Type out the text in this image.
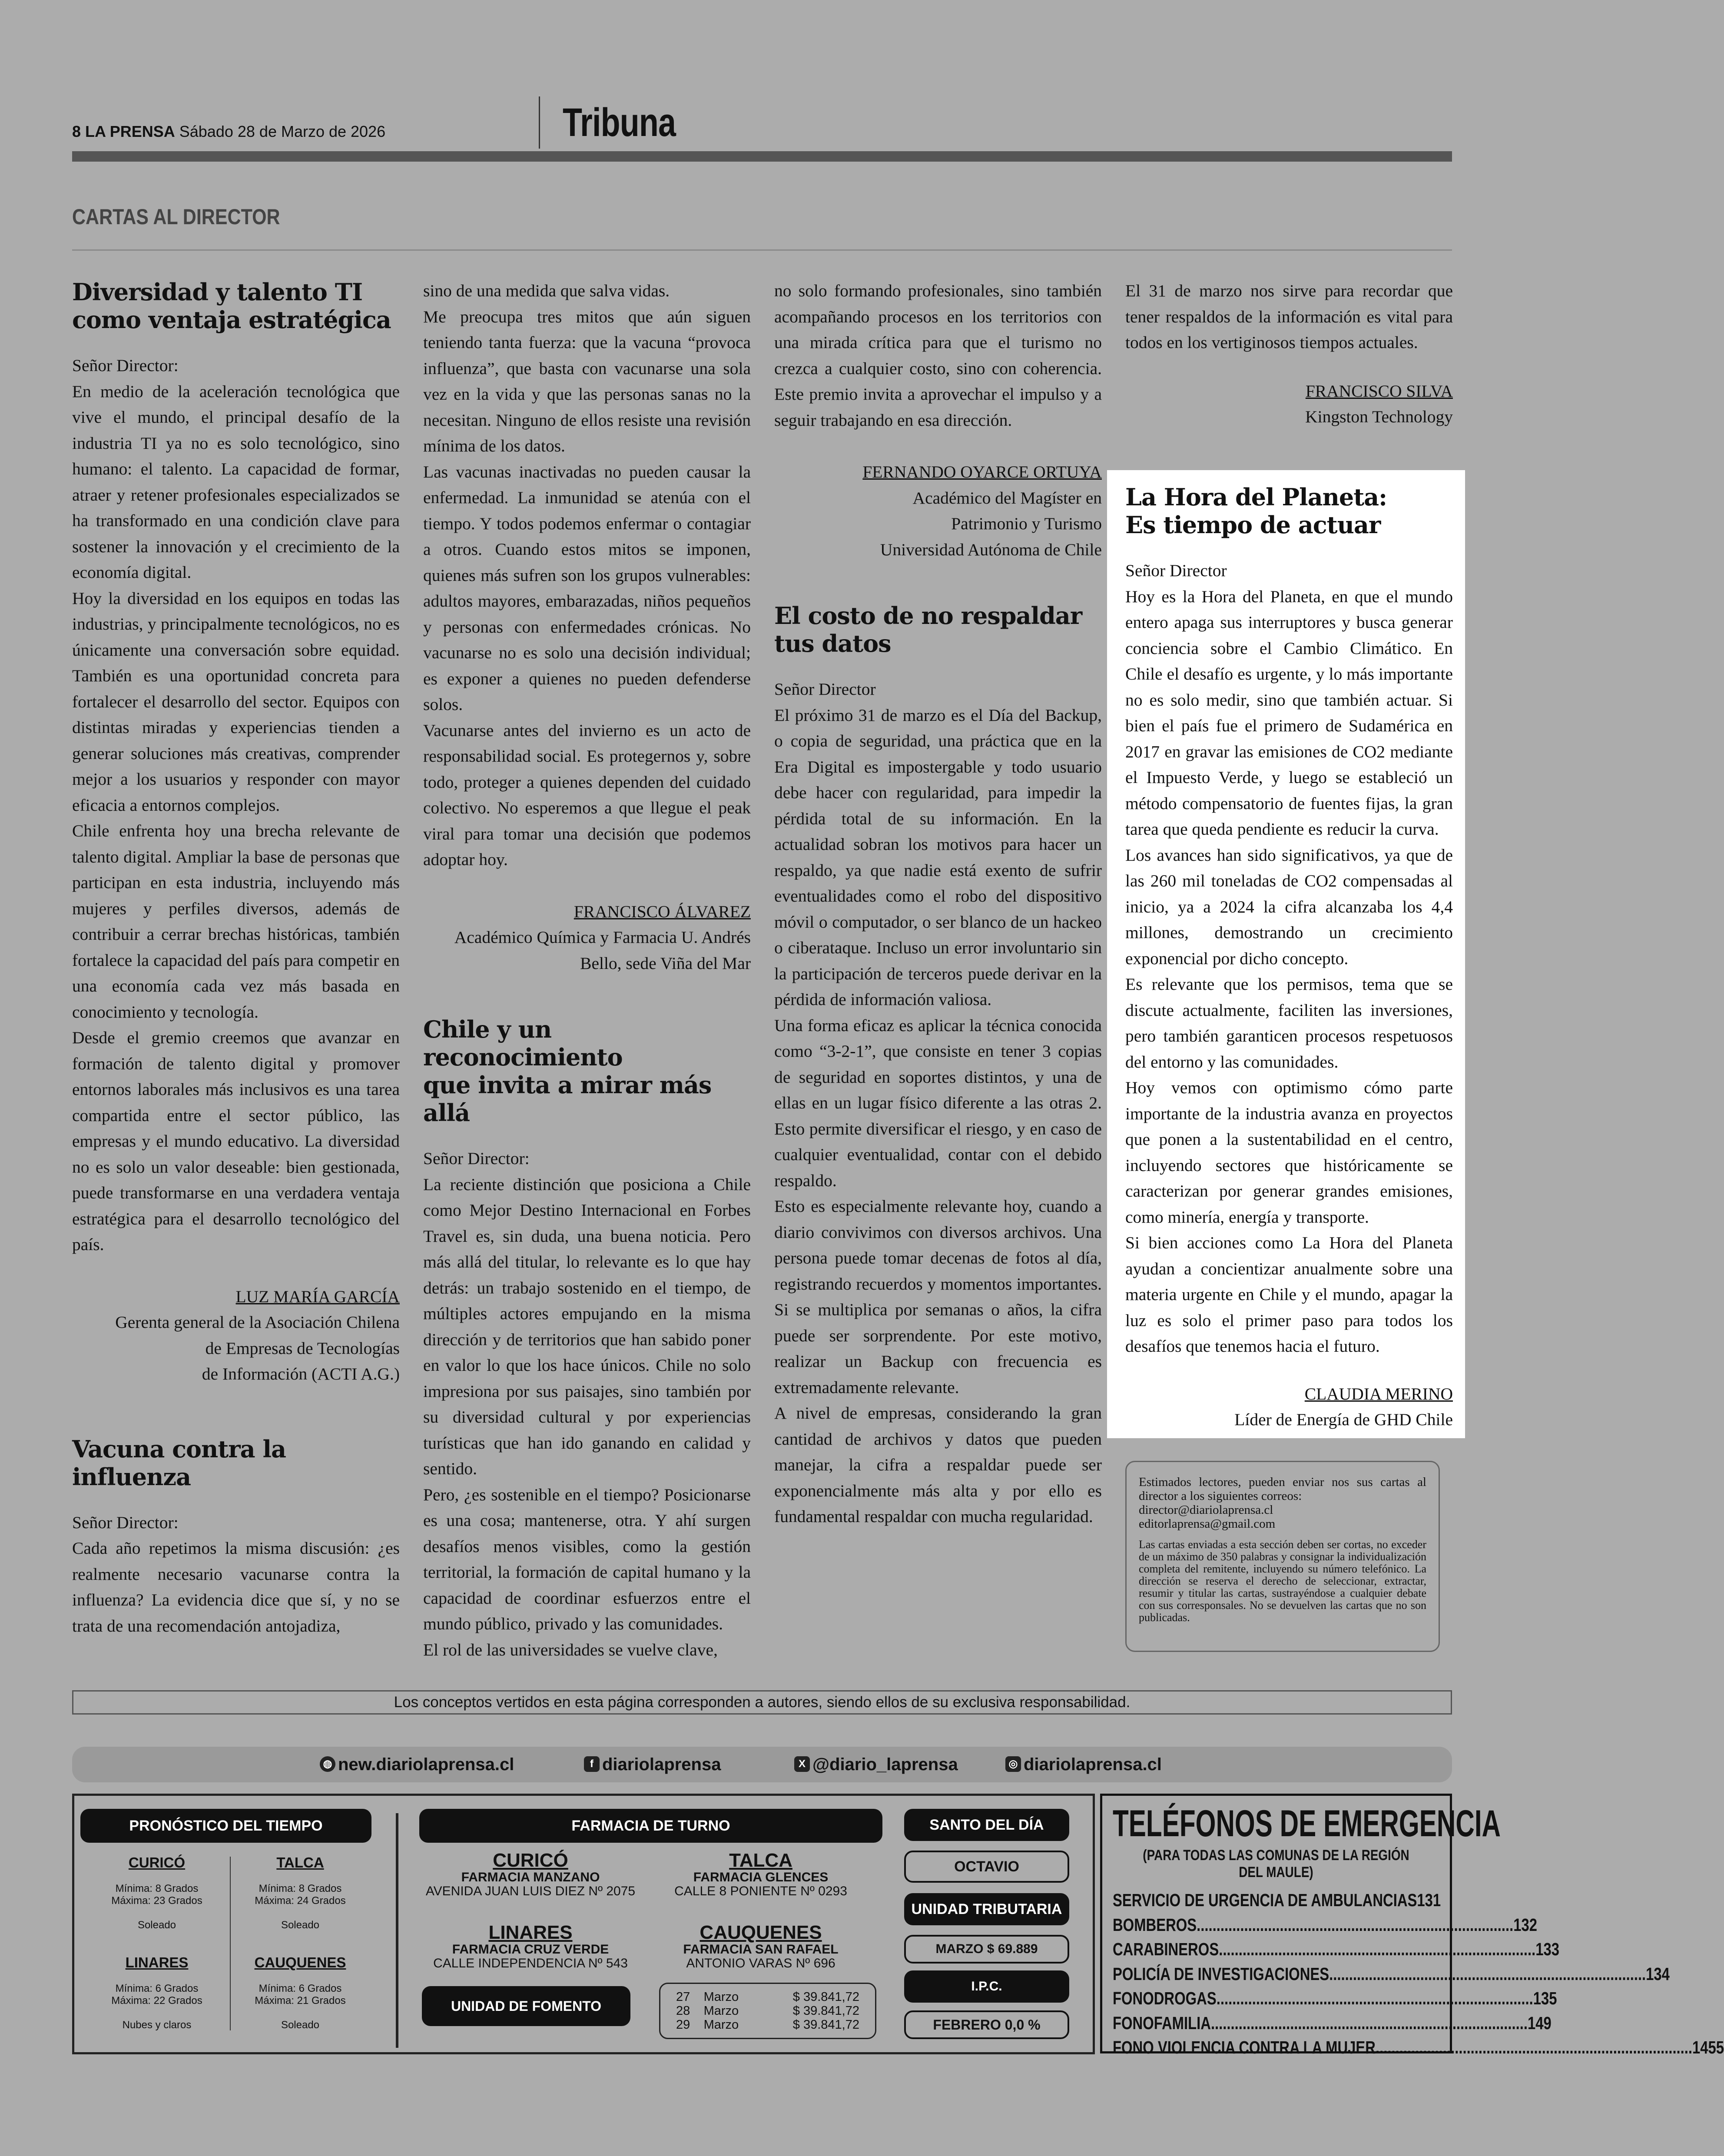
8 LA PRENSA Sábado 28 de Marzo de 2026	Tribuna
CARTAS AL DIRECTOR
Diversidad y talento TI
como ventaja estratégica

Señor Director:

En medio de la aceleración tecnológica que vive el mundo, el principal desafío de la industria TI ya no es solo tecnológico, sino humano: el talento. La capacidad de formar, atraer y retener profesionales especializados se ha transformado en una condición clave para sostener la innovación y el crecimiento de la economía digital.

Hoy la diversidad en los equipos en todas las industrias, y principalmente tecnológicos, no es únicamente una conversación sobre equidad. También es una oportunidad concreta para fortalecer el desarrollo del sector. Equipos con distintas miradas y experiencias tienden a generar soluciones más creativas, comprender mejor a los usuarios y responder con mayor eficacia a entornos complejos.

Chile enfrenta hoy una brecha relevante de talento digital. Ampliar la base de personas que participan en esta industria, incluyendo más mujeres y perfiles diversos, además de contribuir a cerrar brechas históricas, también fortalece la capacidad del país para competir en una economía cada vez más basada en conocimiento y tecnología.

Desde el gremio creemos que avanzar en formación de talento digital y promover entornos laborales más inclusivos es una tarea compartida entre el sector público, las empresas y el mundo educativo. La diversidad no es solo un valor deseable: bien gestionada, puede transformarse en una verdadera ventaja estratégica para el desarrollo tecnológico del país.

LUZ MARÍA GARCÍA
Gerenta general de la Asociación Chilena
de Empresas de Tecnologías
de Información (ACTI A.G.)
Vacuna contra la influenza

Señor Director:

Cada año repetimos la misma discusión: ¿es realmente necesario vacunarse contra la influenza? La evidencia dice que sí, y no se trata de una recomendación antojadiza,

sino de una medida que salva vidas.

Me preocupa tres mitos que aún siguen teniendo tanta fuerza: que la vacuna “provoca influenza”, que basta con vacunarse una sola vez en la vida y que las personas sanas no la necesitan. Ninguno de ellos resiste una revisión mínima de los datos.

Las vacunas inactivadas no pueden causar la enfermedad. La inmunidad se atenúa con el tiempo. Y todos podemos enfermar o contagiar a otros. Cuando estos mitos se imponen, quienes más sufren son los grupos vulnerables: adultos mayores, embarazadas, niños pequeños y personas con enfermedades crónicas. No vacunarse no es solo una decisión individual; es exponer a quienes no pueden defenderse solos.

Vacunarse antes del invierno es un acto de responsabilidad social. Es protegernos y, sobre todo, proteger a quienes dependen del cuidado colectivo. No esperemos a que llegue el peak viral para tomar una decisión que podemos adoptar hoy.

FRANCISCO ÁLVAREZ
Académico Química y Farmacia U. Andrés
Bello, sede Viña del Mar
Chile y un reconocimiento
que invita a mirar más allá

Señor Director:

La reciente distinción que posiciona a Chile como Mejor Destino Internacional en Forbes Travel es, sin duda, una buena noticia. Pero más allá del titular, lo relevante es lo que hay detrás: un trabajo sostenido en el tiempo, de múltiples actores empujando en la misma dirección y de territorios que han sabido poner en valor lo que los hace únicos. Chile no solo impresiona por sus paisajes, sino también por su diversidad cultural y por experiencias turísticas que han ido ganando en calidad y sentido.

Pero, ¿es sostenible en el tiempo? Posicionarse es una cosa; mantenerse, otra. Y ahí surgen desafíos menos visibles, como la gestión territorial, la formación de capital humano y la capacidad de coordinar esfuerzos entre el mundo público, privado y las comunidades.

El rol de las universidades se vuelve clave,

no solo formando profesionales, sino también acompañando procesos en los territorios con una mirada crítica para que el turismo no crezca a cualquier costo, sino con coherencia. Este premio invita a aprovechar el impulso y a seguir trabajando en esa dirección.

FERNANDO OYARCE ORTUYA
Académico del Magíster en
Patrimonio y Turismo
Universidad Autónoma de Chile
El costo de no respaldar
tus datos

Señor Director

El próximo 31 de marzo es el Día del Backup, o copia de seguridad, una práctica que en la Era Digital es impostergable y todo usuario debe hacer con regularidad, para impedir la pérdida total de su información. En la actualidad sobran los motivos para hacer un respaldo, ya que nadie está exento de sufrir eventualidades como el robo del dispositivo móvil o computador, o ser blanco de un hackeo o ciberataque. Incluso un error involuntario sin la participación de terceros puede derivar en la pérdida de información valiosa.

Una forma eficaz es aplicar la técnica conocida como “3-2-1”, que consiste en tener 3 copias de seguridad en soportes distintos, y una de ellas en un lugar físico diferente a las otras 2. Esto permite diversificar el riesgo, y en caso de cualquier eventualidad, contar con el debido respaldo.

Esto es especialmente relevante hoy, cuando a diario convivimos con diversos archivos. Una persona puede tomar decenas de fotos al día, registrando recuerdos y momentos importantes. Si se multiplica por semanas o años, la cifra puede ser sorprendente. Por este motivo, realizar un Backup con frecuencia es extremadamente relevante.

A nivel de empresas, considerando la gran cantidad de archivos y datos que pueden manejar, la cifra a respaldar puede ser exponencialmente más alta y por ello es fundamental respaldar con mucha regularidad.

El 31 de marzo nos sirve para recordar que tener respaldos de la información es vital para todos en los vertiginosos tiempos actuales.

FRANCISCO SILVA
Kingston Technology
La Hora del Planeta:
Es tiempo de actuar

Señor Director

Hoy es la Hora del Planeta, en que el mundo entero apaga sus interruptores y busca generar conciencia sobre el Cambio Climático. En Chile el desafío es urgente, y lo más importante no es solo medir, sino que también actuar. Si bien el país fue el primero de Sudamérica en 2017 en gravar las emisiones de CO2 mediante el Impuesto Verde, y luego se estableció un método compensatorio de fuentes fijas, la gran tarea que queda pendiente es reducir la curva.

Los avances han sido significativos, ya que de las 260 mil toneladas de CO2 compensadas al inicio, ya a 2024 la cifra alcanzaba los 4,4 millones, demostrando un crecimiento exponencial por dicho concepto.

Es relevante que los permisos, tema que se discute actualmente, faciliten las inversiones, pero también garanticen procesos respetuosos del entorno y las comunidades.

Hoy vemos con optimismo cómo parte importante de la industria avanza en proyectos que ponen a la sustentabilidad en el centro, incluyendo sectores que históricamente se caracterizan por generar grandes emisiones, como minería, energía y transporte.

Si bien acciones como La Hora del Planeta ayudan a concientizar anualmente sobre una materia urgente en Chile y el mundo, apagar la luz es solo el primer paso para todos los desafíos que tenemos hacia el futuro.

CLAUDIA MERINO
Líder de Energía de GHD Chile

Estimados lectores, pueden enviar nos sus cartas al director a los siguientes correos:
director@diariolaprensa.cl
editorlaprensa@gmail.com

Las cartas enviadas a esta sección deben ser cortas, no exceder de un máximo de 350 palabras y consignar la individualización completa del remitente, incluyendo su número telefónico. La dirección se reserva el derecho de seleccionar, extractar, resumir y titular las cartas, sustrayéndose a cualquier debate con sus corresponsales. No se devuelven las cartas que no son publicadas.

Los conceptos vertidos en esta página corresponden a autores, siendo ellos de su exclusiva responsabilidad.
◍ new.diariolaprensa.cl	f diariolaprensa	X @diario_laprensa	◎ diariolaprensa.cl
PRONÓSTICO DEL TIEMPO
CURICÓ
Mínima: 8 Grados
Máxima: 23 Grados

Soleado
TALCA
Mínima: 8 Grados
Máxima: 24 Grados

Soleado
LINARES
Mínima: 6 Grados
Máxima: 22 Grados

Nubes y claros
CAUQUENES
Mínima: 6 Grados
Máxima: 21 Grados

Soleado
FARMACIA DE TURNO
CURICÓ
FARMACIA MANZANO
AVENIDA JUAN LUIS DIEZ Nº 2075
TALCA
FARMACIA GLENCES
CALLE 8 PONIENTE Nº 0293
LINARES
FARMACIA CRUZ VERDE
CALLE INDEPENDENCIA Nº 543
CAUQUENES
FARMACIA SAN RAFAEL
ANTONIO VARAS Nº 696
UNIDAD DE FOMENTO
27	Marzo	$ 39.841,72
28	Marzo	$ 39.841,72
29	Marzo	$ 39.841,72
SANTO DEL DÍA
OCTAVIO
UNIDAD TRIBUTARIA
MARZO $ 69.889
I.P.C.
FEBRERO 0,0 %
TELÉFONOS DE EMERGENCIA
(PARA TODAS LAS COMUNAS DE LA REGIÓN DEL MAULE)
SERVICIO DE URGENCIA DE AMBULANCIAS 131
BOMBEROS ................................................................................ 132
CARABINEROS ................................................................................ 133
POLICÍA DE INVESTIGACIONES ................................................................................ 134
FONODROGAS ................................................................................ 135
FONOFAMILIA ................................................................................ 149
FONO VIOLENCIA CONTRA LA MUJER ................................................................................ 1455
